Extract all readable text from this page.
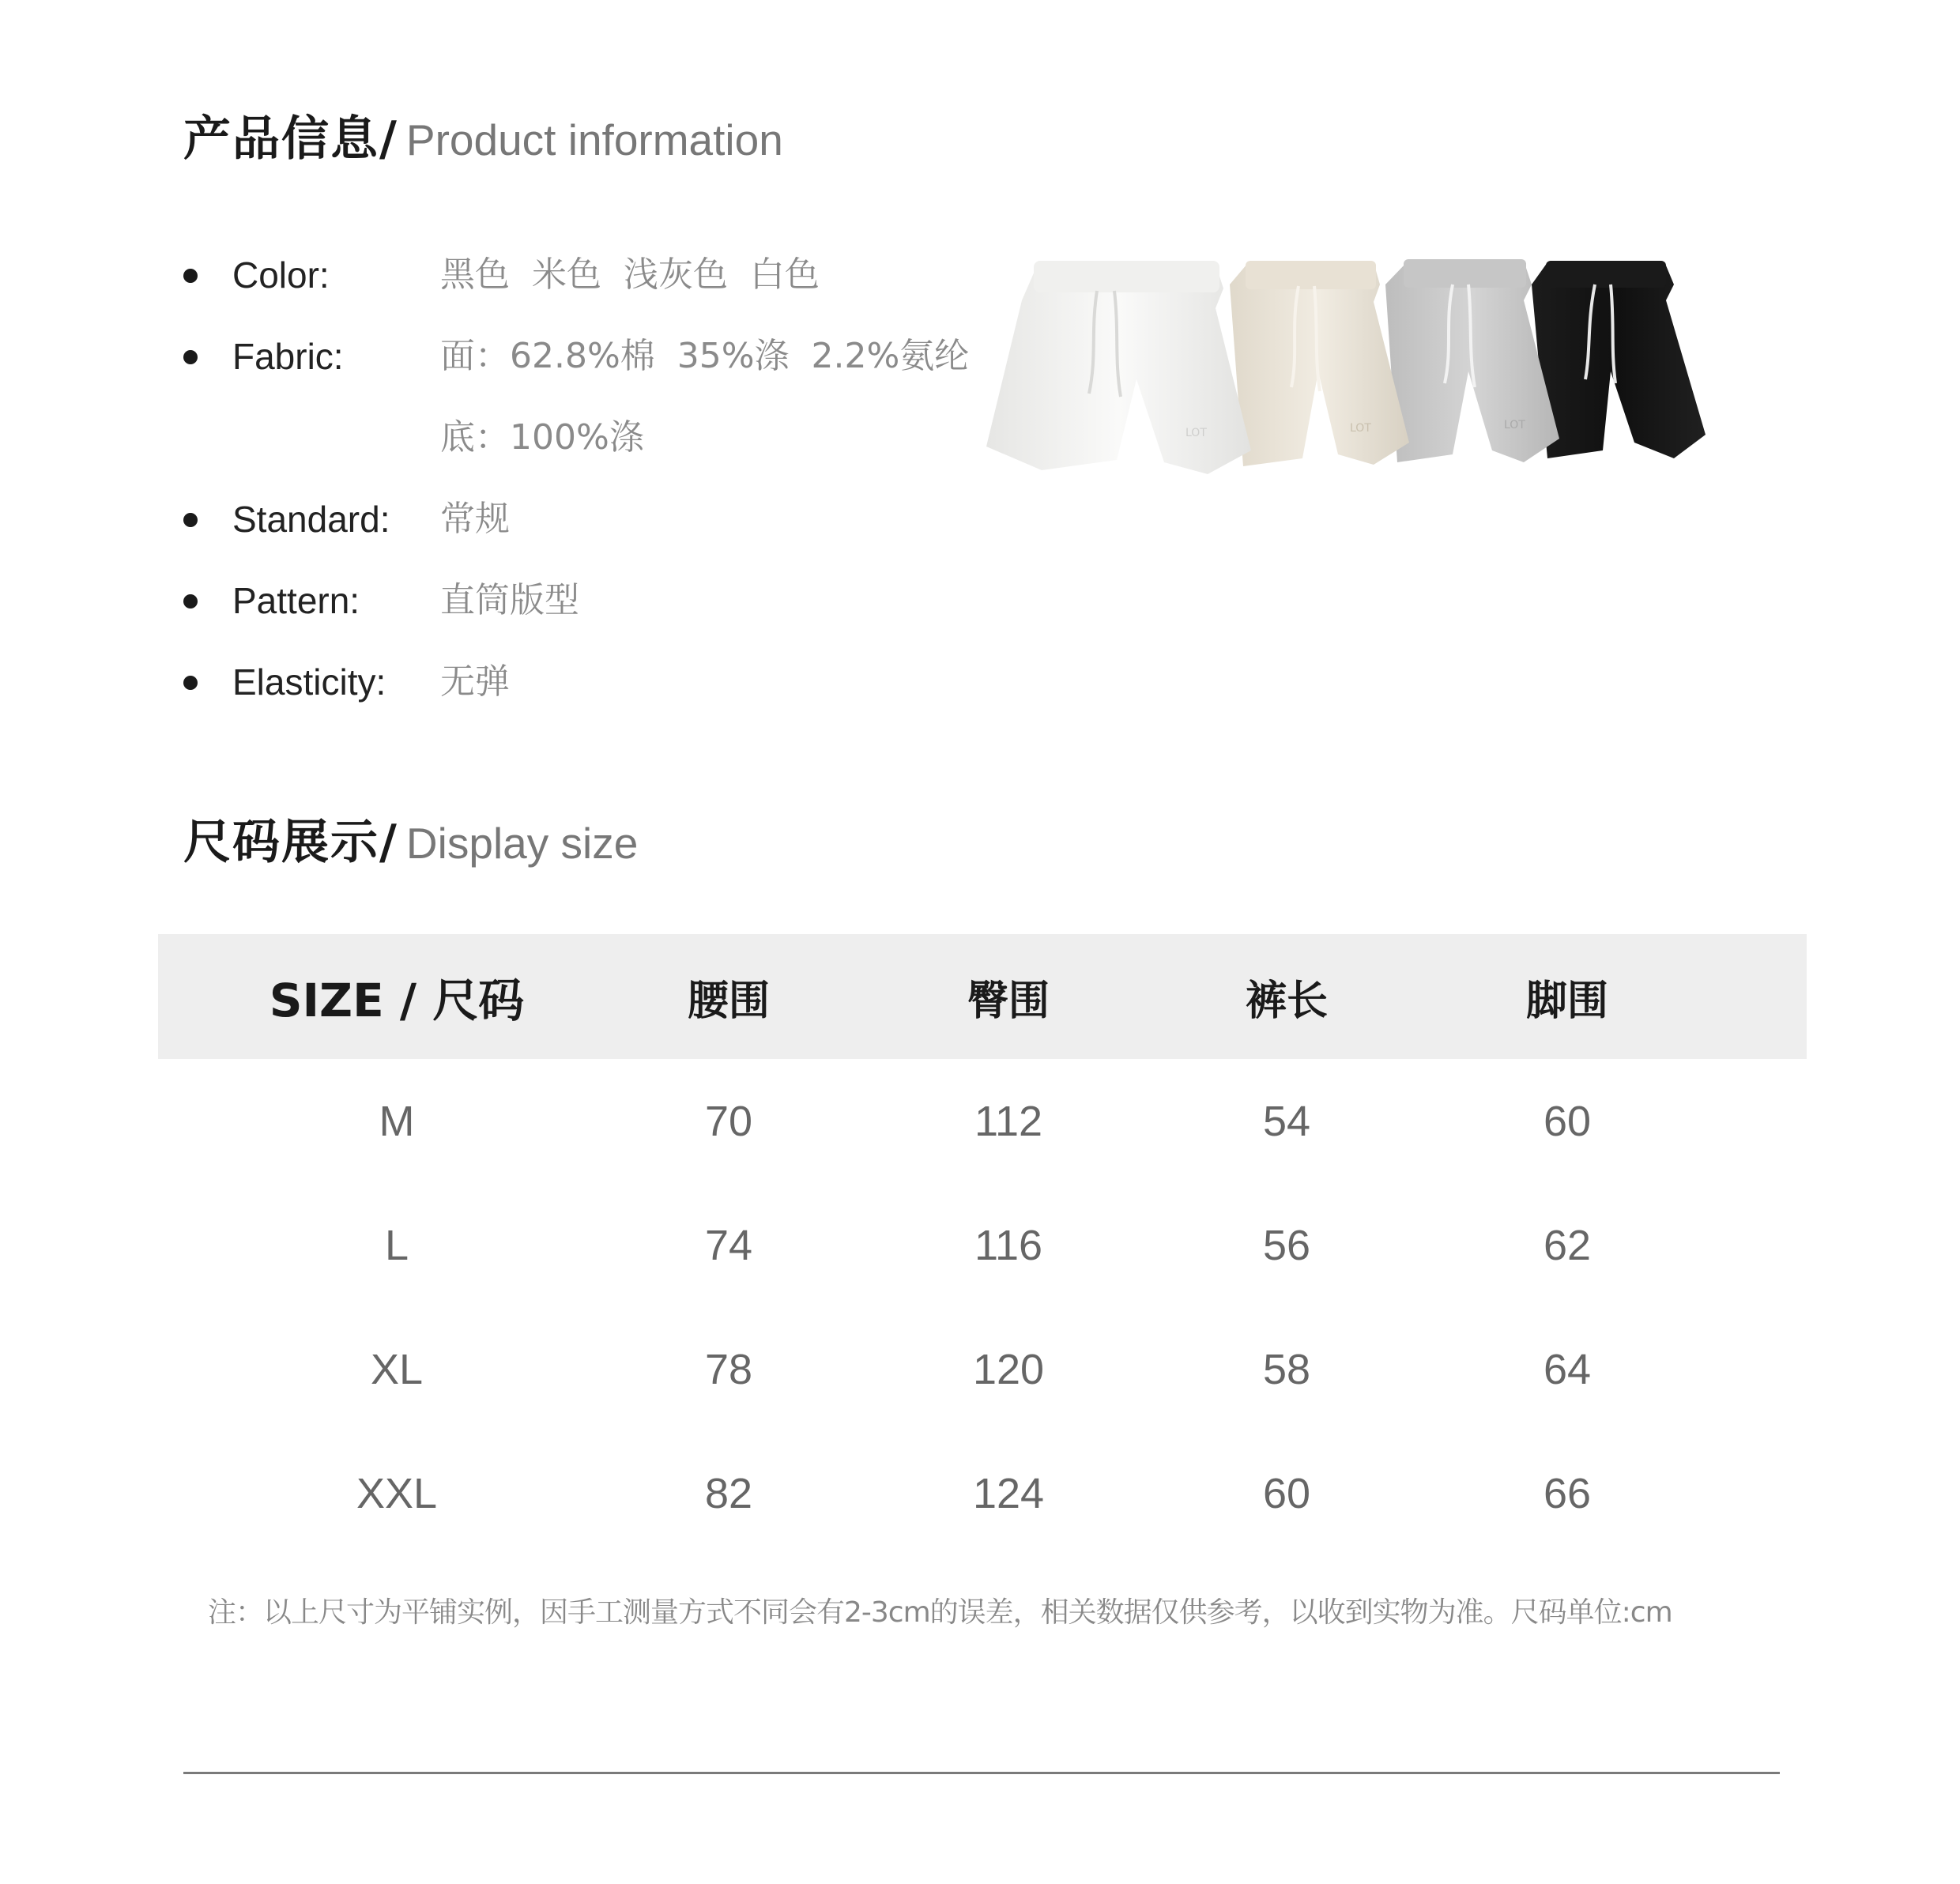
产品信息/ Product information
Color:	黑色  米色  浅灰色  白色
Fabric:	面：62.8%棉  35%涤  2.2%氨纶
底：100%涤
Standard: 常规
Pattern: 直筒版型
Elasticity: 无弹
LOT
LOT
LOT
尺码展示/ Display size
SIZE / 尺码	腰围	臀围	裤长	脚围
M	70	112	54	60
L	74	116	56	62
XL	78	120	58	64
XXL	82	124	60	66
注：以上尺寸为平铺实例，因手工测量方式不同会有2-3cm的误差，相关数据仅供参考，以收到实物为准。尺码单位:cm
